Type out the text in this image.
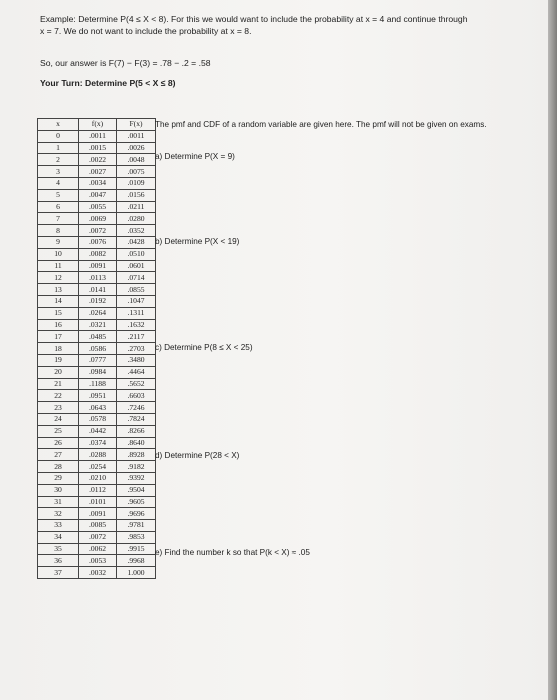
Example: Determine P(4 ≤ X < 8). For this we would want to include the probability at x = 4 and continue through
x = 7. We do not want to include the probability at x = 8.
So, our answer is F(7) − F(3) = .78 − .2 = .58
Your Turn: Determine P(5 < X ≤ 8)
x	f(x)	F(x)
0	.0011	.0011
1	.0015	.0026
2	.0022	.0048
3	.0027	.0075
4	.0034	.0109
5	.0047	.0156
6	.0055	.0211
7	.0069	.0280
8	.0072	.0352
9	.0076	.0428
10	.0082	.0510
11	.0091	.0601
12	.0113	.0714
13	.0141	.0855
14	.0192	.1047
15	.0264	.1311
16	.0321	.1632
17	.0485	.2117
18	.0586	.2703
19	.0777	.3480
20	.0984	.4464
21	.1188	.5652
22	.0951	.6603
23	.0643	.7246
24	.0578	.7824
25	.0442	.8266
26	.0374	.8640
27	.0288	.8928
28	.0254	.9182
29	.0210	.9392
30	.0112	.9504
31	.0101	.9605
32	.0091	.9696
33	.0085	.9781
34	.0072	.9853
35	.0062	.9915
36	.0053	.9968
37	.0032	1.000
The pmf and CDF of a random variable are given here. The pmf will not be given on exams.
a) Determine P(X = 9)
b) Determine P(X < 19)
c) Determine P(8 ≤ X < 25)
d) Determine P(28 < X)
e) Find the number k so that P(k < X) ≈ .05
